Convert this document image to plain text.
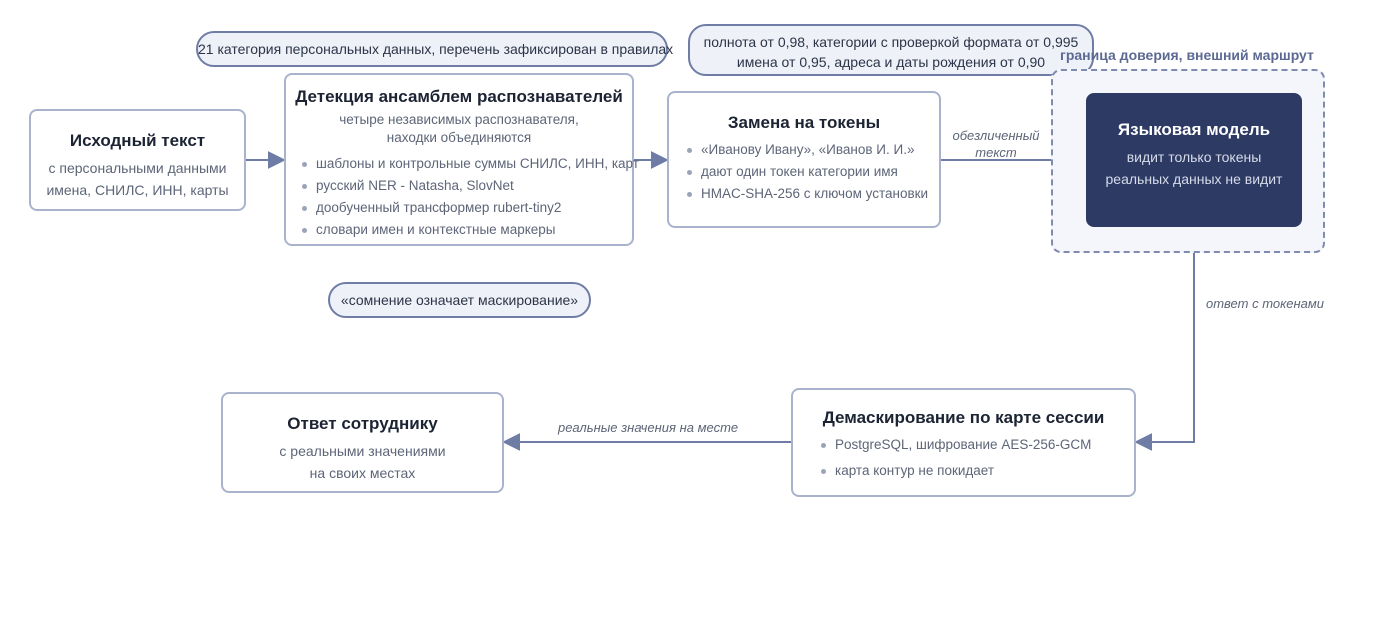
21 категория персональных данных, перечень зафиксирован в правилах	полнота от 0,98, категории с проверкой формата от 0,995
имена от 0,95, адреса и даты рождения от 0,90
«сомнение означает маскирование»
Исходный текст
с персональными данными
имена, СНИЛС, ИНН, карты
Детекция ансамблем распознавателей
четыре независимых распознавателя,
находки объединяются
шаблоны и контрольные суммы СНИЛС, ИНН, карт
русский NER - Natasha, SlovNet
дообученный трансформер rubert-tiny2
словари имен и контекстные маркеры
Замена на токены
«Иванову Ивану», «Иванов И. И.»
дают один токен категории имя
HMAC-SHA-256 с ключом установки
граница доверия, внешний маршрут
Языковая модель
видит только токены
реальных данных не видит
Демаскирование по карте сессии
PostgreSQL, шифрование AES-256-GCM
карта контур не покидает
Ответ сотруднику
с реальными значениями
на своих местах
обезличенный
текст
ответ с токенами
реальные значения на месте
